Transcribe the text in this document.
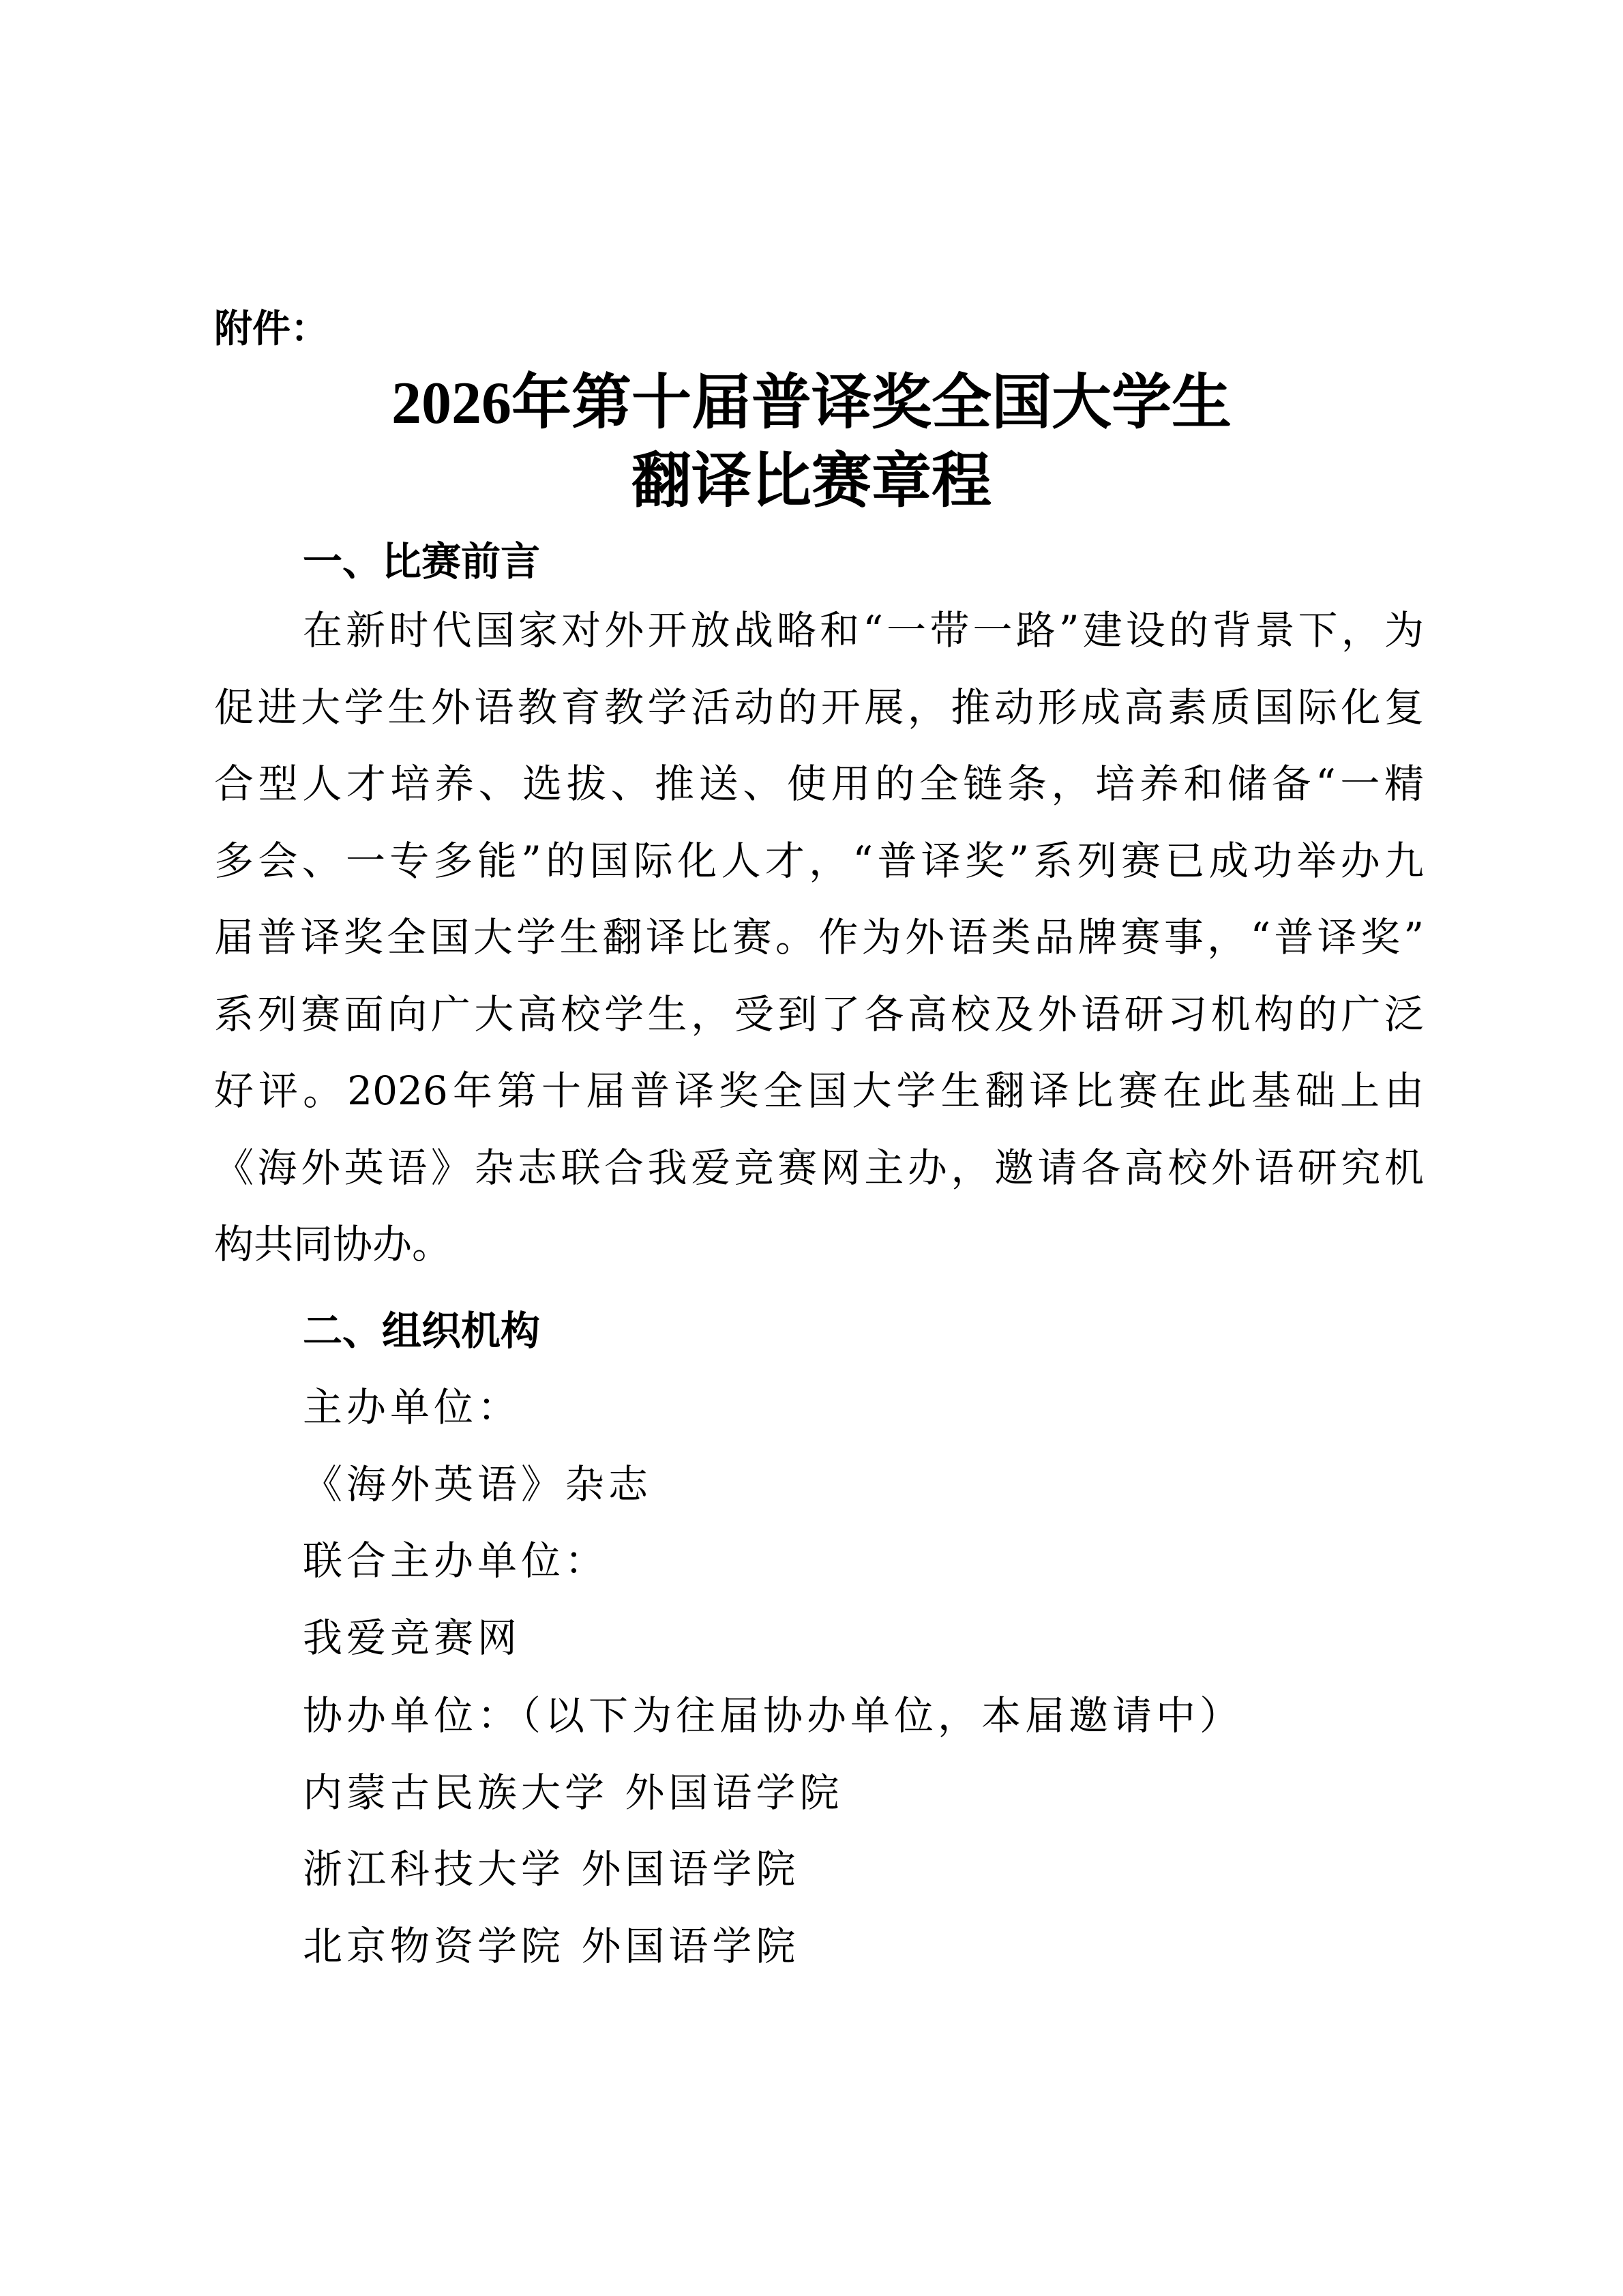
附件：
2026年第十届普译奖全国大学生
翻译比赛章程
一、比赛前言
在新时代国家对外开放战略和“一带一路”建设的背景下，为
促进大学生外语教育教学活动的开展，推动形成高素质国际化复
合型人才培养、选拔、推送、使用的全链条，培养和储备“一精
多会、一专多能”的国际化人才，“普译奖”系列赛已成功举办九
届普译奖全国大学生翻译比赛。作为外语类品牌赛事，“普译奖”
系列赛面向广大高校学生，受到了各高校及外语研习机构的广泛
好评。2026年第十届普译奖全国大学生翻译比赛在此基础上由
《海外英语》杂志联合我爱竞赛网主办，邀请各高校外语研究机
构共同协办。
二、组织机构
主办单位：
《海外英语》杂志
联合主办单位：
我爱竞赛网
协办单位：（以下为往届协办单位，本届邀请中）
内蒙古民族大学 外国语学院
浙江科技大学 外国语学院
北京物资学院 外国语学院
